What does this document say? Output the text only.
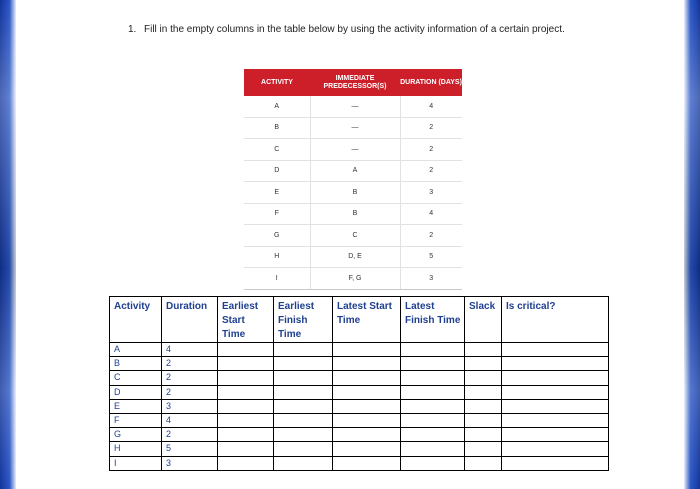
1. Fill in the empty columns in the table below by using the activity information of a certain project.
ACTIVITY	IMMEDIATE PREDECESSOR(S)	DURATION (DAYS)
A	—	4
B	—	2
C	—	2
D	A	2
E	B	3
F	B	4
G	C	2
H	D, E	5
I	F, G	3
Activity	Duration	Earliest Start Time	Earliest Finish Time	Latest Start Time	Latest Finish Time	Slack	Is critical?
A	4						
B	2						
C	2						
D	2						
E	3						
F	4						
G	2						
H	5						
I	3						
